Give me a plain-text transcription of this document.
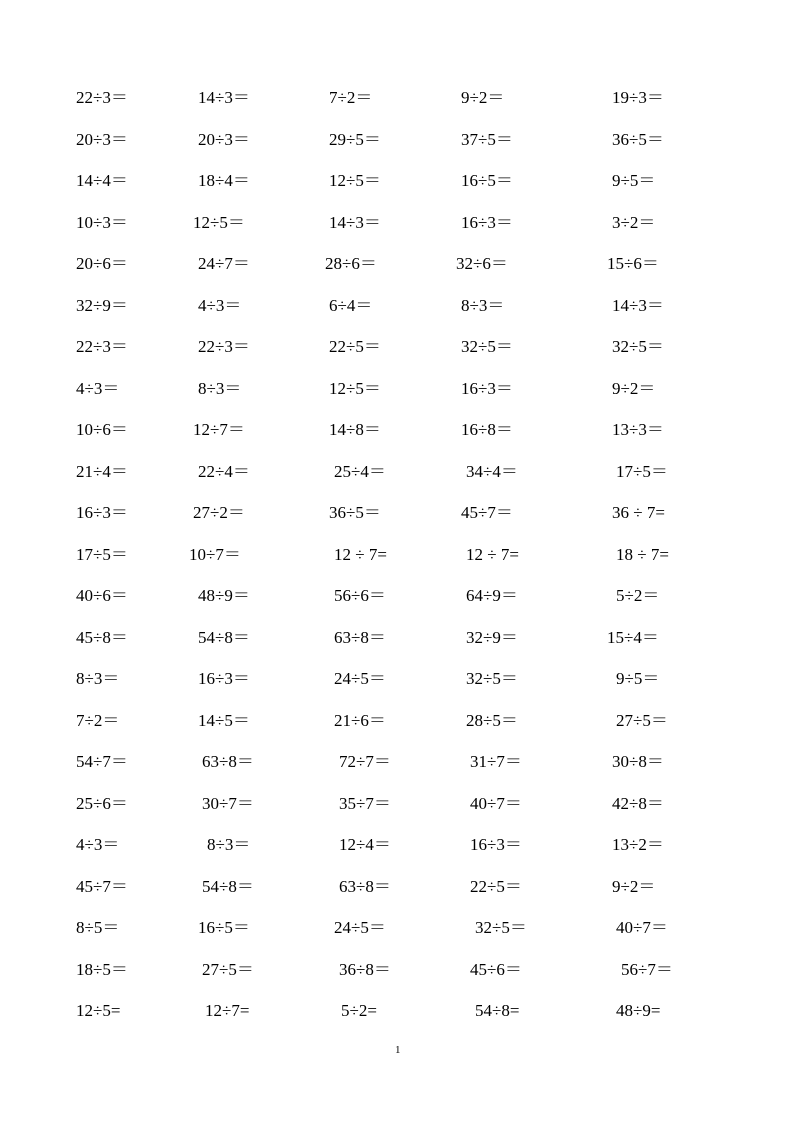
22÷3＝	14÷3＝	7÷2＝	9÷2＝	19÷3＝
20÷3＝	20÷3＝	29÷5＝	37÷5＝	36÷5＝
14÷4＝	18÷4＝	12÷5＝	16÷5＝	9÷5＝
10÷3＝	12÷5＝	14÷3＝	16÷3＝	3÷2＝
20÷6＝	24÷7＝	28÷6＝	32÷6＝	15÷6＝
32÷9＝	4÷3＝	6÷4＝	8÷3＝	14÷3＝
22÷3＝	22÷3＝	22÷5＝	32÷5＝	32÷5＝
4÷3＝	8÷3＝	12÷5＝	16÷3＝	9÷2＝
10÷6＝	12÷7＝	14÷8＝	16÷8＝	13÷3＝
21÷4＝	22÷4＝	25÷4＝	34÷4＝	17÷5＝
16÷3＝	27÷2＝	36÷5＝	45÷7＝	36 ÷ 7=
17÷5＝	10÷7＝	12 ÷ 7=	12 ÷ 7=	18 ÷ 7=
40÷6＝	48÷9＝	56÷6＝	64÷9＝	5÷2＝
45÷8＝	54÷8＝	63÷8＝	32÷9＝	15÷4＝
8÷3＝	16÷3＝	24÷5＝	32÷5＝	9÷5＝
7÷2＝	14÷5＝	21÷6＝	28÷5＝	27÷5＝
54÷7＝	63÷8＝	72÷7＝	31÷7＝	30÷8＝
25÷6＝	30÷7＝	35÷7＝	40÷7＝	42÷8＝
4÷3＝	8÷3＝	12÷4＝	16÷3＝	13÷2＝
45÷7＝	54÷8＝	63÷8＝	22÷5＝	9÷2＝
8÷5＝	16÷5＝	24÷5＝	32÷5＝	40÷7＝
18÷5＝	27÷5＝	36÷8＝	45÷6＝	56÷7＝
12÷5=	12÷7=	5÷2=	54÷8=	48÷9=
1
